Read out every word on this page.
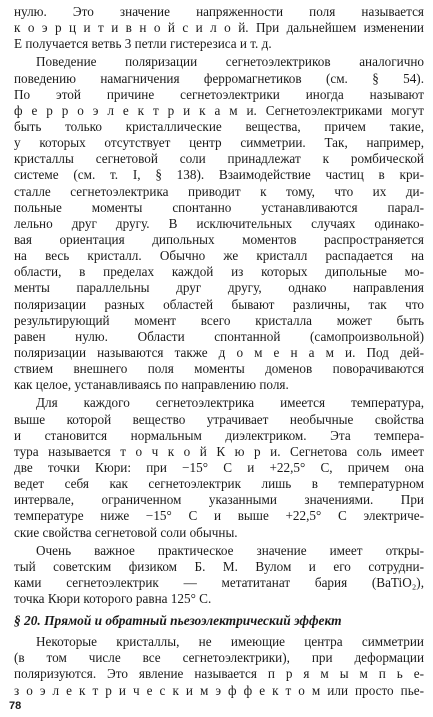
нулю. Это значение напряженности поля называется
к о э р ц и т и в н о й с и л о й. При дальнейшем изменении
E получается ветвь 3 петли гистерезиса и т. д.
Поведение поляризации сегнетоэлектриков аналогично
поведению намагничения ферромагнетиков (см. § 54).
По этой причине сегнетоэлектрики иногда называют
ф е р р о э л е к т р и к а м и. Сегнетоэлектриками могут
быть только кристаллические вещества, причем такие,
у которых отсутствует центр симметрии. Так, например,
кристаллы сегнетовой соли принадлежат к ромбической
системе (см. т. I, § 138). Взаимодействие частиц в кри-
сталле сегнетоэлектрика приводит к тому, что их ди-
польные моменты спонтанно устанавливаются парал-
лельно друг другу. В исключительных случаях одинако-
вая ориентация дипольных моментов распространяется
на весь кристалл. Обычно же кристалл распадается на
области, в пределах каждой из которых дипольные мо-
менты параллельны друг другу, однако направления
поляризации разных областей бывают различны, так что
результирующий момент всего кристалла может быть
равен нулю. Области спонтанной (самопроизвольной)
поляризации называются также д о м е н а м и. Под дей-
ствием внешнего поля моменты доменов поворачиваются
как целое, устанавливаясь по направлению поля.
Для каждого сегнетоэлектрика имеется температура,
выше которой вещество утрачивает необычные свойства
и становится нормальным диэлектриком. Эта темпера-
тура называется т о ч к о й К ю р и. Сегнетова соль имеет
две точки Кюри: при −15° С и +22,5° С, причем она
ведет себя как сегнетоэлектрик лишь в температурном
интервале, ограниченном указанными значениями. При
температуре ниже −15° С и выше +22,5° С электриче-
ские свойства сегнетовой соли обычны.
Очень важное практическое значение имеет откры-
тый советским физиком Б. М. Вулом и его сотрудни-
ками сегнетоэлектрик — метатитанат бария (BaTiO₂),
точка Кюри которого равна 125° С.
§ 20. Прямой и обратный пьезоэлектрический эффект
Некоторые кристаллы, не имеющие центра симметрии
(в том числе все сегнетоэлектрики), при деформации
поляризуются. Это явление называется п р я м ы м п ь е-
з о э л е к т р и ч е с к и м э ф ф е к т о м или просто пье-
78
